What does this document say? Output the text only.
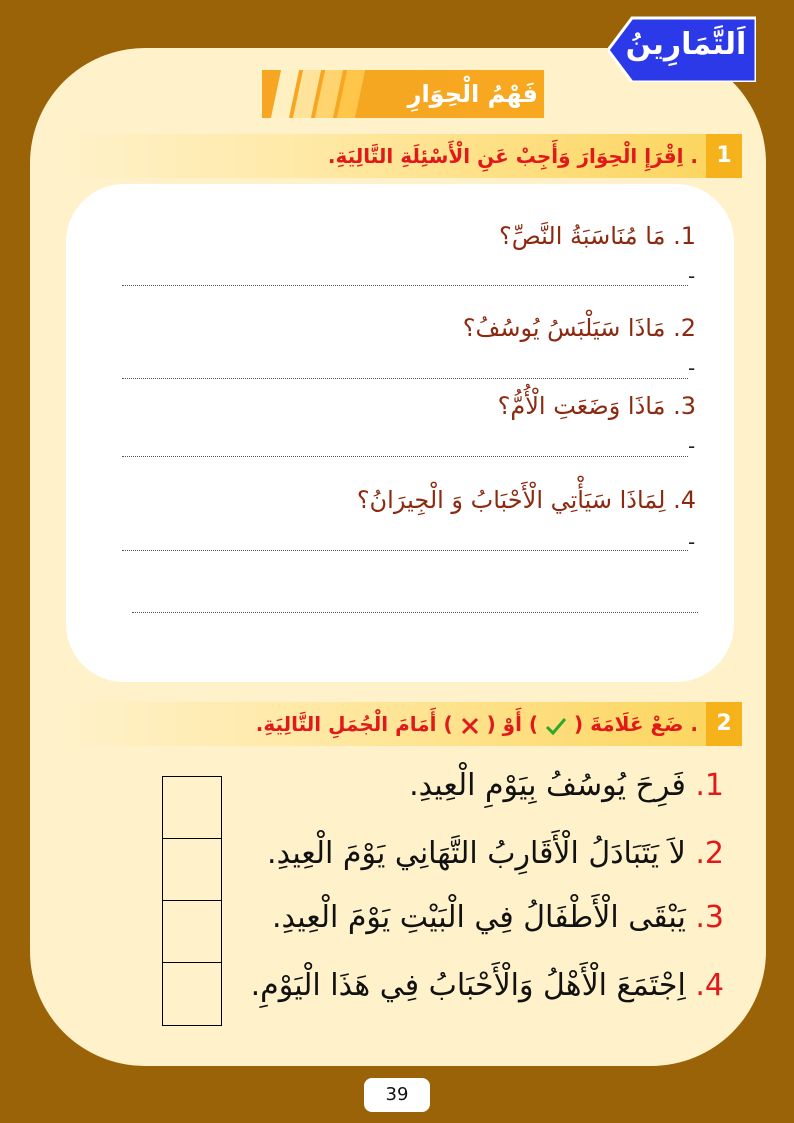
اَلتَّمَارِينُ
فَهْمُ الْحِوَارِ
1
. اِقْرَإِ الْحِوَارَ وَأَجِبْ عَنِ الْأَسْئِلَةِ التَّالِيَةِ.
1. مَا مُنَاسَبَةُ النَّصِّ؟
-
2. مَاذَا سَيَلْبَسُ يُوسُفُ؟
-
3. مَاذَا وَضَعَتِ الْأُمُّ؟
-
4. لِمَاذَا سَيَأْتِي الْأَحْبَابُ وَ الْجِيرَانُ؟
-
2
. ضَعْ عَلَامَةَ (  ) أَوْ (  ) أَمَامَ الْجُمَلِ التَّالِيَةِ.
1. فَرِحَ يُوسُفُ بِيَوْمِ الْعِيدِ.
2. لاَ يَتَبَادَلُ الْأَقَارِبُ التَّهَانِي يَوْمَ الْعِيدِ.
3. يَبْقَى الْأَطْفَالُ فِي الْبَيْتِ يَوْمَ الْعِيدِ.
4. اِجْتَمَعَ الْأَهْلُ وَالْأَحْبَابُ فِي هَذَا الْيَوْمِ.
39
